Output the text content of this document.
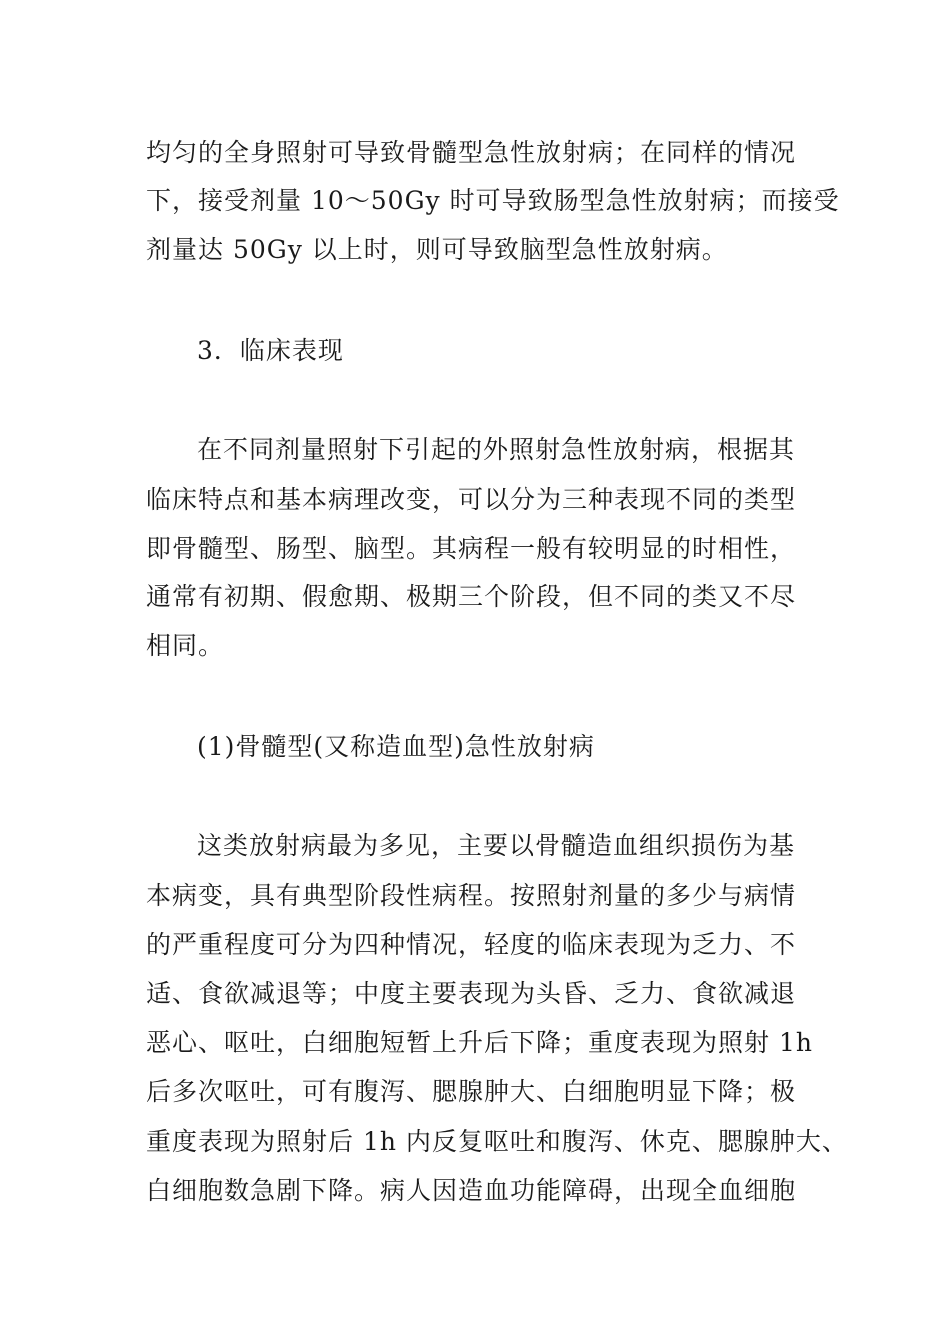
均匀的全身照射可导致骨髓型急性放射病；在同样的情况
下，接受剂量 10～50Gy 时可导致肠型急性放射病；而接受
剂量达 50Gy 以上时，则可导致脑型急性放射病。
3．临床表现
在不同剂量照射下引起的外照射急性放射病，根据其
临床特点和基本病理改变，可以分为三种表现不同的类型
即骨髓型、肠型、脑型。其病程一般有较明显的时相性，
通常有初期、假愈期、极期三个阶段，但不同的类又不尽
相同。
(1)骨髓型(又称造血型)急性放射病
这类放射病最为多见，主要以骨髓造血组织损伤为基
本病变，具有典型阶段性病程。按照射剂量的多少与病情
的严重程度可分为四种情况，轻度的临床表现为乏力、不
适、食欲减退等；中度主要表现为头昏、乏力、食欲减退
恶心、呕吐，白细胞短暂上升后下降；重度表现为照射 1h
后多次呕吐，可有腹泻、腮腺肿大、白细胞明显下降；极
重度表现为照射后 1h 内反复呕吐和腹泻、休克、腮腺肿大、
白细胞数急剧下降。病人因造血功能障碍，出现全血细胞
